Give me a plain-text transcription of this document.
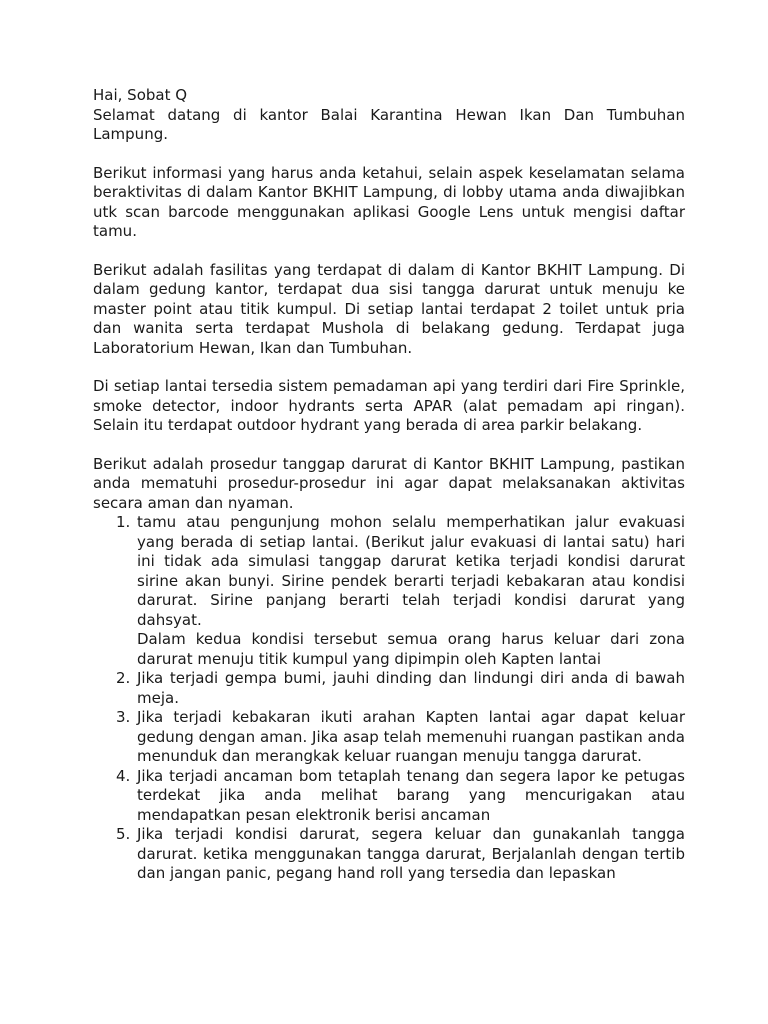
Hai, Sobat Q

Selamat datang di kantor Balai Karantina Hewan Ikan Dan Tumbuhan Lampung.

Berikut informasi yang harus anda ketahui, selain aspek keselamatan selama beraktivitas di dalam Kantor BKHIT Lampung, di lobby utama anda diwajibkan utk scan barcode menggunakan aplikasi Google Lens untuk mengisi daftar tamu.

Berikut adalah fasilitas yang terdapat di dalam di Kantor BKHIT Lampung. Di dalam gedung kantor, terdapat dua sisi tangga darurat untuk menuju ke master point atau titik kumpul. Di setiap lantai terdapat 2 toilet untuk pria dan wanita serta terdapat Mushola di belakang gedung. Terdapat juga Laboratorium Hewan, Ikan dan Tumbuhan.

Di setiap lantai tersedia sistem pemadaman api yang terdiri dari Fire Sprinkle, smoke detector, indoor hydrants serta APAR (alat pemadam api ringan). Selain itu terdapat outdoor hydrant yang berada di area parkir belakang.

Berikut adalah prosedur tanggap darurat di Kantor BKHIT Lampung, pastikan anda mematuhi prosedur-prosedur ini agar dapat melaksanakan aktivitas secara aman dan nyaman.

1. tamu atau pengunjung mohon selalu memperhatikan jalur evakuasi yang berada di setiap lantai. (Berikut jalur evakuasi di lantai satu) hari ini tidak ada simulasi tanggap darurat ketika terjadi kondisi darurat sirine akan bunyi. Sirine pendek berarti terjadi kebakaran atau kondisi darurat. Sirine panjang berarti telah terjadi kondisi darurat yang dahsyat.
Dalam kedua kondisi tersebut semua orang harus keluar dari zona darurat menuju titik kumpul yang dipimpin oleh Kapten lantai
2. Jika terjadi gempa bumi, jauhi dinding dan lindungi diri anda di bawah meja.
3. Jika terjadi kebakaran ikuti arahan Kapten lantai agar dapat keluar gedung dengan aman. Jika asap telah memenuhi ruangan pastikan anda menunduk dan merangkak keluar ruangan menuju tangga darurat.
4. Jika terjadi ancaman bom tetaplah tenang dan segera lapor ke petugas terdekat jika anda melihat barang yang mencurigakan atau mendapatkan pesan elektronik berisi ancaman
5. Jika terjadi kondisi darurat, segera keluar dan gunakanlah tangga darurat. ketika menggunakan tangga darurat, Berjalanlah dengan tertib dan jangan panic, pegang hand roll yang tersedia dan lepaskan
